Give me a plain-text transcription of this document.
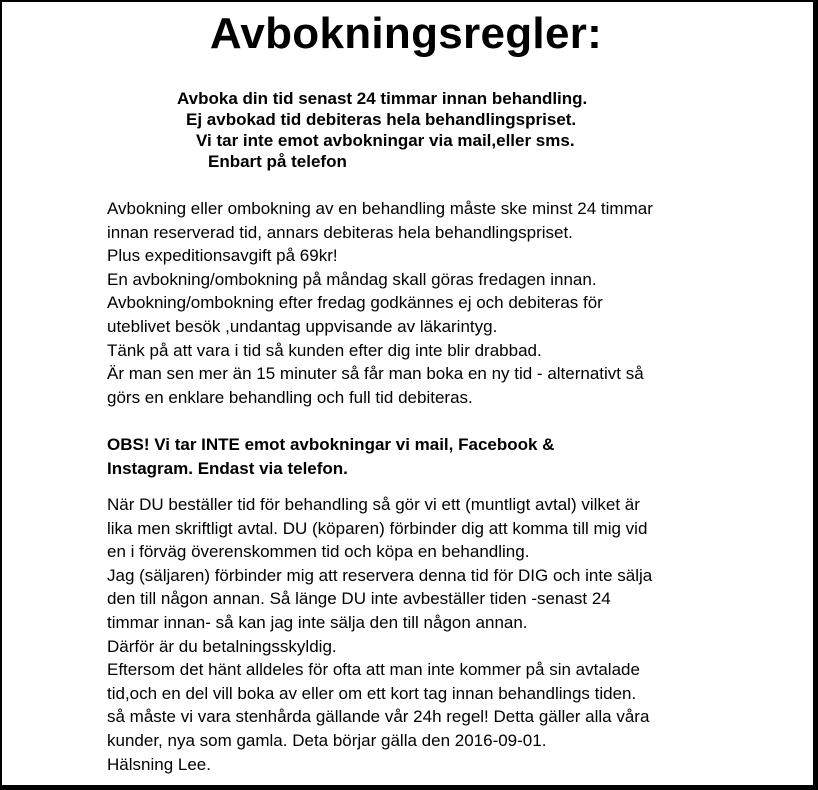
Avbokningsregler:
Avboka din tid senast 24 timmar innan behandling.
Ej avbokad tid debiteras hela behandlingspriset.
Vi tar inte emot avbokningar via mail,eller sms.
Enbart på telefon
Avbokning eller ombokning av en behandling måste ske minst 24 timmar
innan reserverad tid, annars debiteras hela behandlingspriset.
Plus expeditionsavgift på 69kr!
En avbokning/ombokning på måndag skall göras fredagen innan.
Avbokning/ombokning efter fredag godkännes ej och debiteras för
uteblivet besök ,undantag uppvisande av läkarintyg.
Tänk på att vara i tid så kunden efter dig inte blir drabbad.
Är man sen mer än 15 minuter så får man boka en ny tid - alternativt så
görs en enklare behandling och full tid debiteras.
OBS! Vi tar INTE emot avbokningar vi mail, Facebook &
Instagram. Endast via telefon.
När DU beställer tid för behandling så gör vi ett (muntligt avtal) vilket är
lika men skriftligt avtal. DU (köparen) förbinder dig att komma till mig vid
en i förväg överenskommen tid och köpa en behandling.
Jag (säljaren) förbinder mig att reservera denna tid för DIG och inte sälja
den till någon annan. Så länge DU inte avbeställer tiden -senast 24
timmar innan- så kan jag inte sälja den till någon annan.
Därför är du betalningsskyldig.
Eftersom det hänt alldeles för ofta att man inte kommer på sin avtalade
tid,och en del vill boka av eller om ett kort tag innan behandlings tiden.
så måste vi vara stenhårda gällande vår 24h regel! Detta gäller alla våra
kunder, nya som gamla. Deta börjar gälla den 2016-09-01.
Hälsning Lee.
